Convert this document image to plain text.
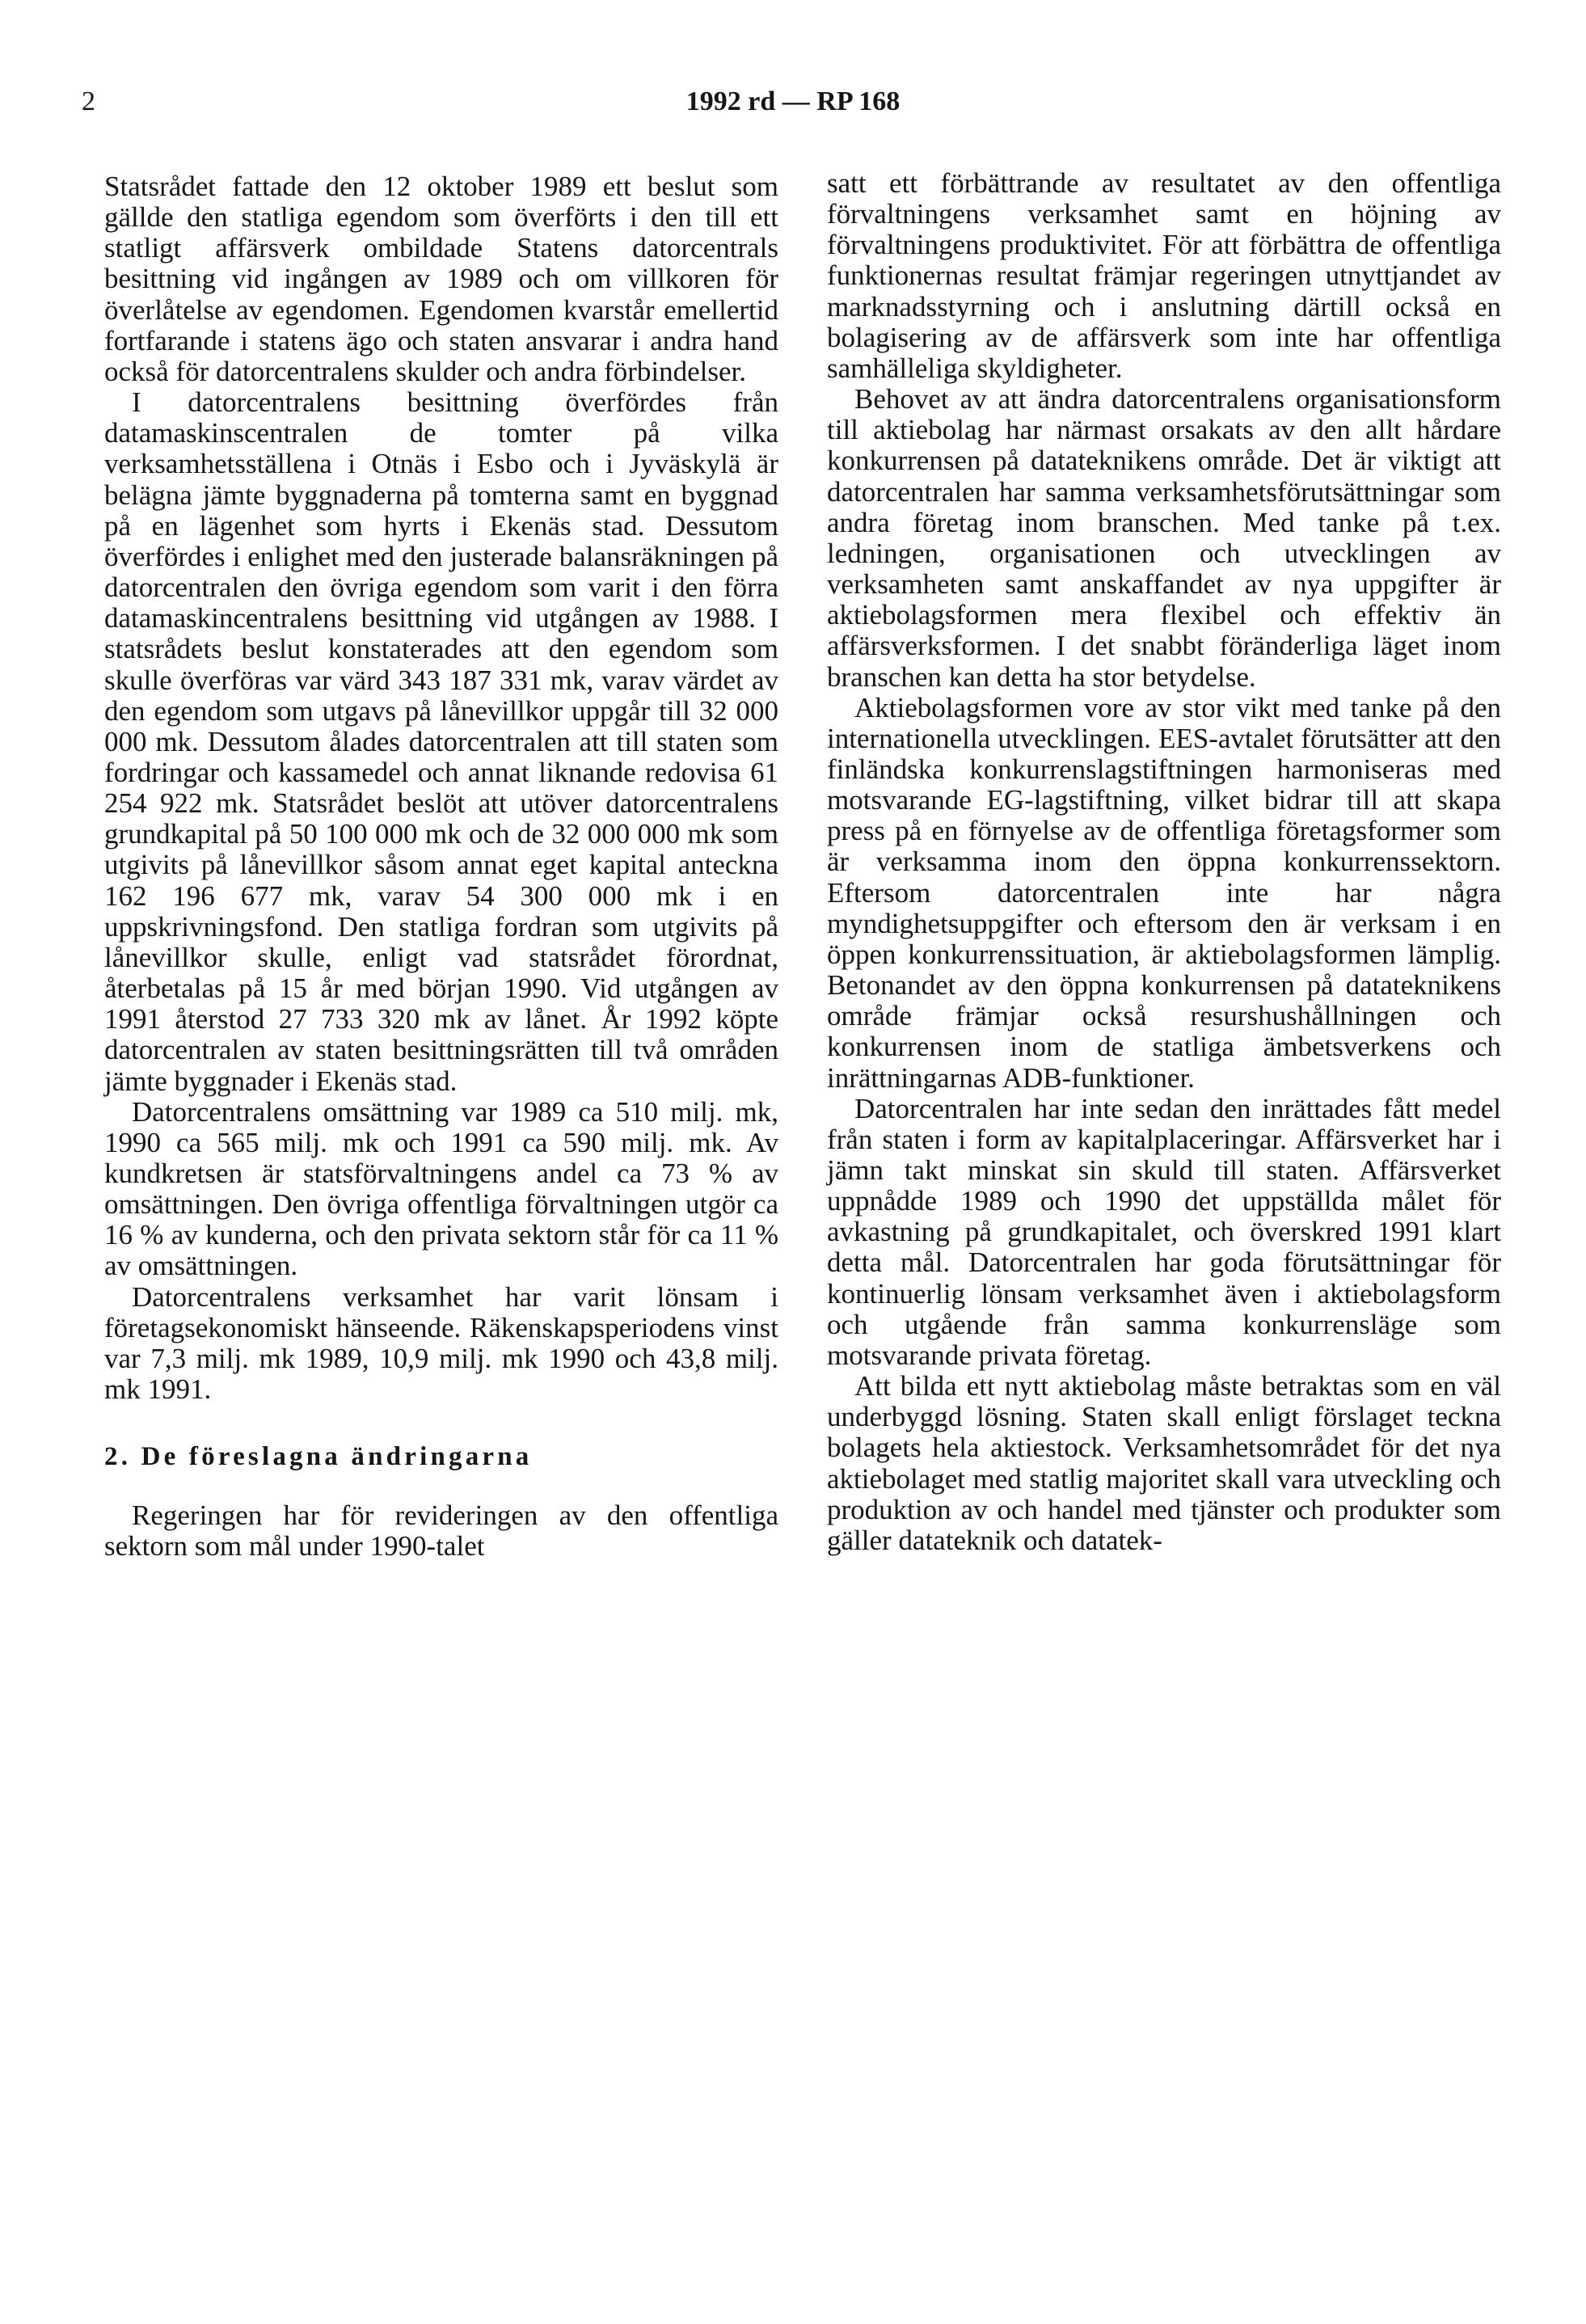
2	1992 rd — RP 168

Statsrådet fattade den 12 oktober 1989 ett beslut som gällde den statliga egendom som överförts i den till ett statligt affärsverk ombildade Statens datorcentrals besittning vid ingången av 1989 och om villkoren för överlåtelse av egendomen. Egendomen kvarstår emellertid fortfarande i statens ägo och staten ansvarar i andra hand också för datorcentralens skulder och andra förbindelser.

I datorcentralens besittning överfördes från datamaskinscentralen de tomter på vilka verksamhetsställena i Otnäs i Esbo och i Jyväskylä är belägna jämte byggnaderna på tomterna samt en byggnad på en lägenhet som hyrts i Ekenäs stad. Dessutom överfördes i enlighet med den justerade balansräkningen på datorcentralen den övriga egendom som varit i den förra datamaskincentralens besittning vid utgången av 1988. I statsrådets beslut konstaterades att den egendom som skulle överföras var värd 343 187 331 mk, varav värdet av den egendom som utgavs på lånevillkor uppgår till 32 000 000 mk. Dessutom ålades datorcentralen att till staten som fordringar och kassamedel och annat liknande redovisa 61 254 922 mk. Statsrådet beslöt att utöver datorcentralens grundkapital på 50 100 000 mk och de 32 000 000 mk som utgivits på lånevillkor såsom annat eget kapital anteckna 162 196 677 mk, varav 54 300 000 mk i en uppskrivningsfond. Den statliga fordran som utgivits på lånevillkor skulle, enligt vad statsrådet förordnat, återbetalas på 15 år med början 1990. Vid utgången av 1991 återstod 27 733 320 mk av lånet. År 1992 köpte datorcentralen av staten besittningsrätten till två områden jämte byggnader i Ekenäs stad.

Datorcentralens omsättning var 1989 ca 510 milj. mk, 1990 ca 565 milj. mk och 1991 ca 590 milj. mk. Av kundkretsen är statsförvaltningens andel ca 73 % av omsättningen. Den övriga offentliga förvaltningen utgör ca 16 % av kunderna, och den privata sektorn står för ca 11 % av omsättningen.

Datorcentralens verksamhet har varit lönsam i företagsekonomiskt hänseende. Räkenskapsperiodens vinst var 7,3 milj. mk 1989, 10,9 milj. mk 1990 och 43,8 milj. mk 1991.

2. De föreslagna ändringarna

Regeringen har för revideringen av den offentliga sektorn som mål under 1990-talet

satt ett förbättrande av resultatet av den offentliga förvaltningens verksamhet samt en höjning av förvaltningens produktivitet. För att förbättra de offentliga funktionernas resultat främjar regeringen utnyttjandet av marknadsstyrning och i anslutning därtill också en bolagisering av de affärsverk som inte har offentliga samhälleliga skyldigheter.

Behovet av att ändra datorcentralens organisationsform till aktiebolag har närmast orsakats av den allt hårdare konkurrensen på datateknikens område. Det är viktigt att datorcentralen har samma verksamhetsförutsättningar som andra företag inom branschen. Med tanke på t.ex. ledningen, organisationen och utvecklingen av verksamheten samt anskaffandet av nya uppgifter är aktiebolagsformen mera flexibel och effektiv än affärsverksformen. I det snabbt föränderliga läget inom branschen kan detta ha stor betydelse.

Aktiebolagsformen vore av stor vikt med tanke på den internationella utvecklingen. EES-avtalet förutsätter att den finländska konkurrenslagstiftningen harmoniseras med motsvarande EG-lagstiftning, vilket bidrar till att skapa press på en förnyelse av de offentliga företagsformer som är verksamma inom den öppna konkurrenssektorn. Eftersom datorcentralen inte har några myndighetsuppgifter och eftersom den är verksam i en öppen konkurrenssituation, är aktiebolagsformen lämplig. Betonandet av den öppna konkurrensen på datateknikens område främjar också resurshushållningen och konkurrensen inom de statliga ämbetsverkens och inrättningarnas ADB-funktioner.

Datorcentralen har inte sedan den inrättades fått medel från staten i form av kapitalplaceringar. Affärsverket har i jämn takt minskat sin skuld till staten. Affärsverket uppnådde 1989 och 1990 det uppställda målet för avkastning på grundkapitalet, och överskred 1991 klart detta mål. Datorcentralen har goda förutsättningar för kontinuerlig lönsam verksamhet även i aktiebolagsform och utgående från samma konkurrensläge som motsvarande privata företag.

Att bilda ett nytt aktiebolag måste betraktas som en väl underbyggd lösning. Staten skall enligt förslaget teckna bolagets hela aktiestock. Verksamhetsområdet för det nya aktiebolaget med statlig majoritet skall vara utveckling och produktion av och handel med tjänster och produkter som gäller datateknik och datatek-
